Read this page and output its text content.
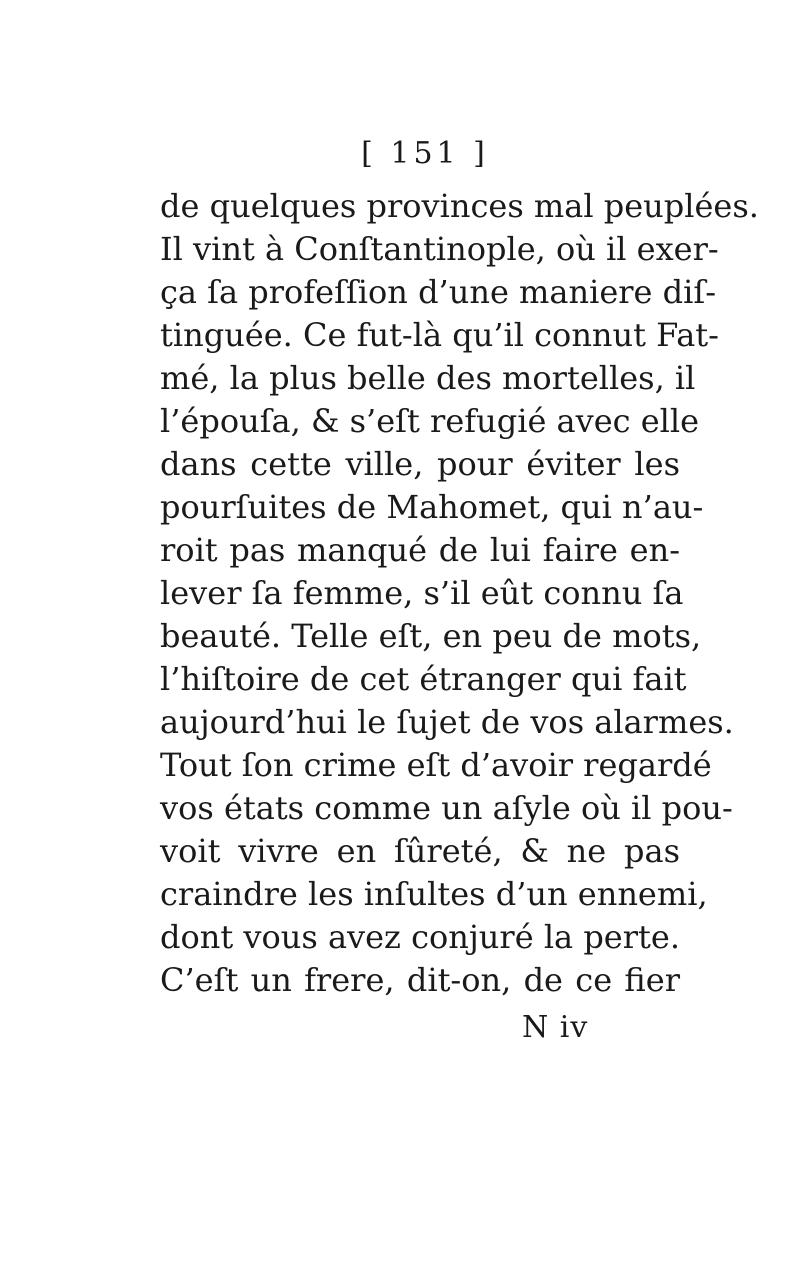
[ 151 ]
de quelques provinces mal peuplées.
Il vint à Conſtantinople, où il exer-
ça ſa profeſſion d’une maniere diſ-
tinguée. Ce fut-là qu’il connut Fat-
mé, la plus belle des mortelles, il
l’épouſa, & s’eſt refugié avec elle
dans cette ville, pour éviter les
pourſuites de Mahomet, qui n’au-
roit pas manqué de lui faire en-
lever ſa femme, s’il eût connu ſa
beauté. Telle eſt, en peu de mots,
l’hiſtoire de cet étranger qui fait
aujourd’hui le ſujet de vos alarmes.
Tout ſon crime eſt d’avoir regardé
vos états comme un aſyle où il pou-
voit vivre en ſûreté, & ne pas
craindre les inſultes d’un ennemi,
dont vous avez conjuré la perte.
C’eſt un frere, dit-on, de ce fier
N iv
